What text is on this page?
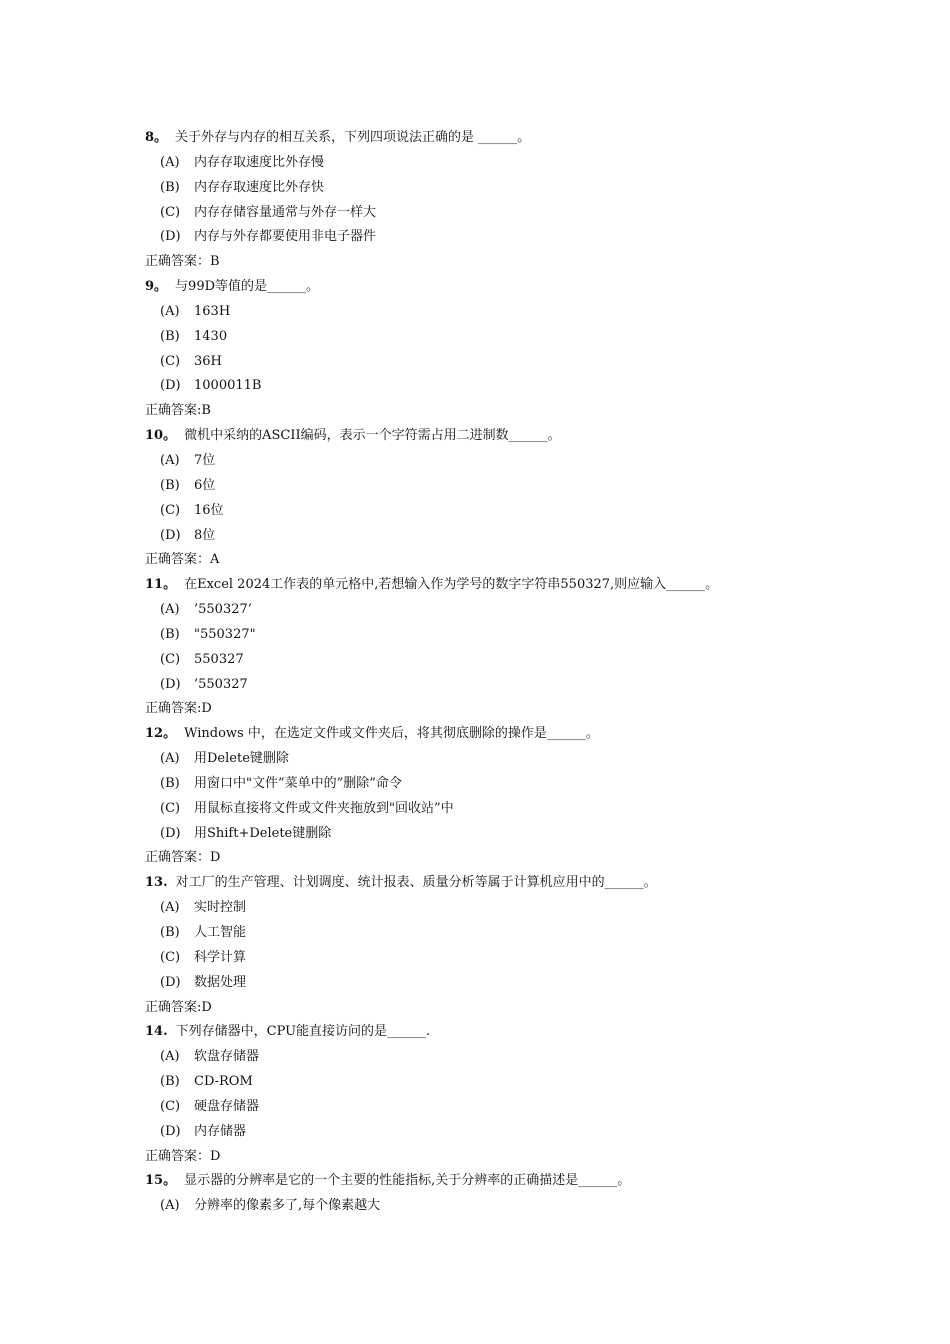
8。 关于外存与内存的相互关系，下列四项说法正确的是 ______。
(A) 内存存取速度比外存慢
(B) 内存存取速度比外存快
(C) 内存存储容量通常与外存一样大
(D) 内存与外存都要使用非电子器件
正确答案：B
9。 与99D等值的是______。
(A) 163H
(B) 1430
(C) 36H
(D) 1000011B
正确答案:B
10。 微机中采纳的ASCII编码，表示一个字符需占用二进制数______。
(A) 7位
(B) 6位
(C) 16位
(D) 8位
正确答案：A
11。 在Excel 2024工作表的单元格中,若想输入作为学号的数字字符串550327,则应输入______。
(A) ’550327’
(B) "550327"
(C) 550327
(D) ’550327
正确答案:D
12。 Windows 中，在选定文件或文件夹后，将其彻底删除的操作是______。
(A) 用Delete键删除
(B) 用窗口中"文件”菜单中的”删除”命令
(C) 用鼠标直接将文件或文件夹拖放到"回收站”中
(D) 用Shift+Delete键删除
正确答案：D
13. 对工厂的生产管理、计划调度、统计报表、质量分析等属于计算机应用中的______。
(A) 实时控制
(B) 人工智能
(C) 科学计算
(D) 数据处理
正确答案:D
14. 下列存储器中，CPU能直接访问的是______.
(A) 软盘存储器
(B) CD-ROM
(C) 硬盘存储器
(D) 内存储器
正确答案：D
15。 显示器的分辨率是它的一个主要的性能指标,关于分辨率的正确描述是______。
(A) 分辨率的像素多了,每个像素越大
